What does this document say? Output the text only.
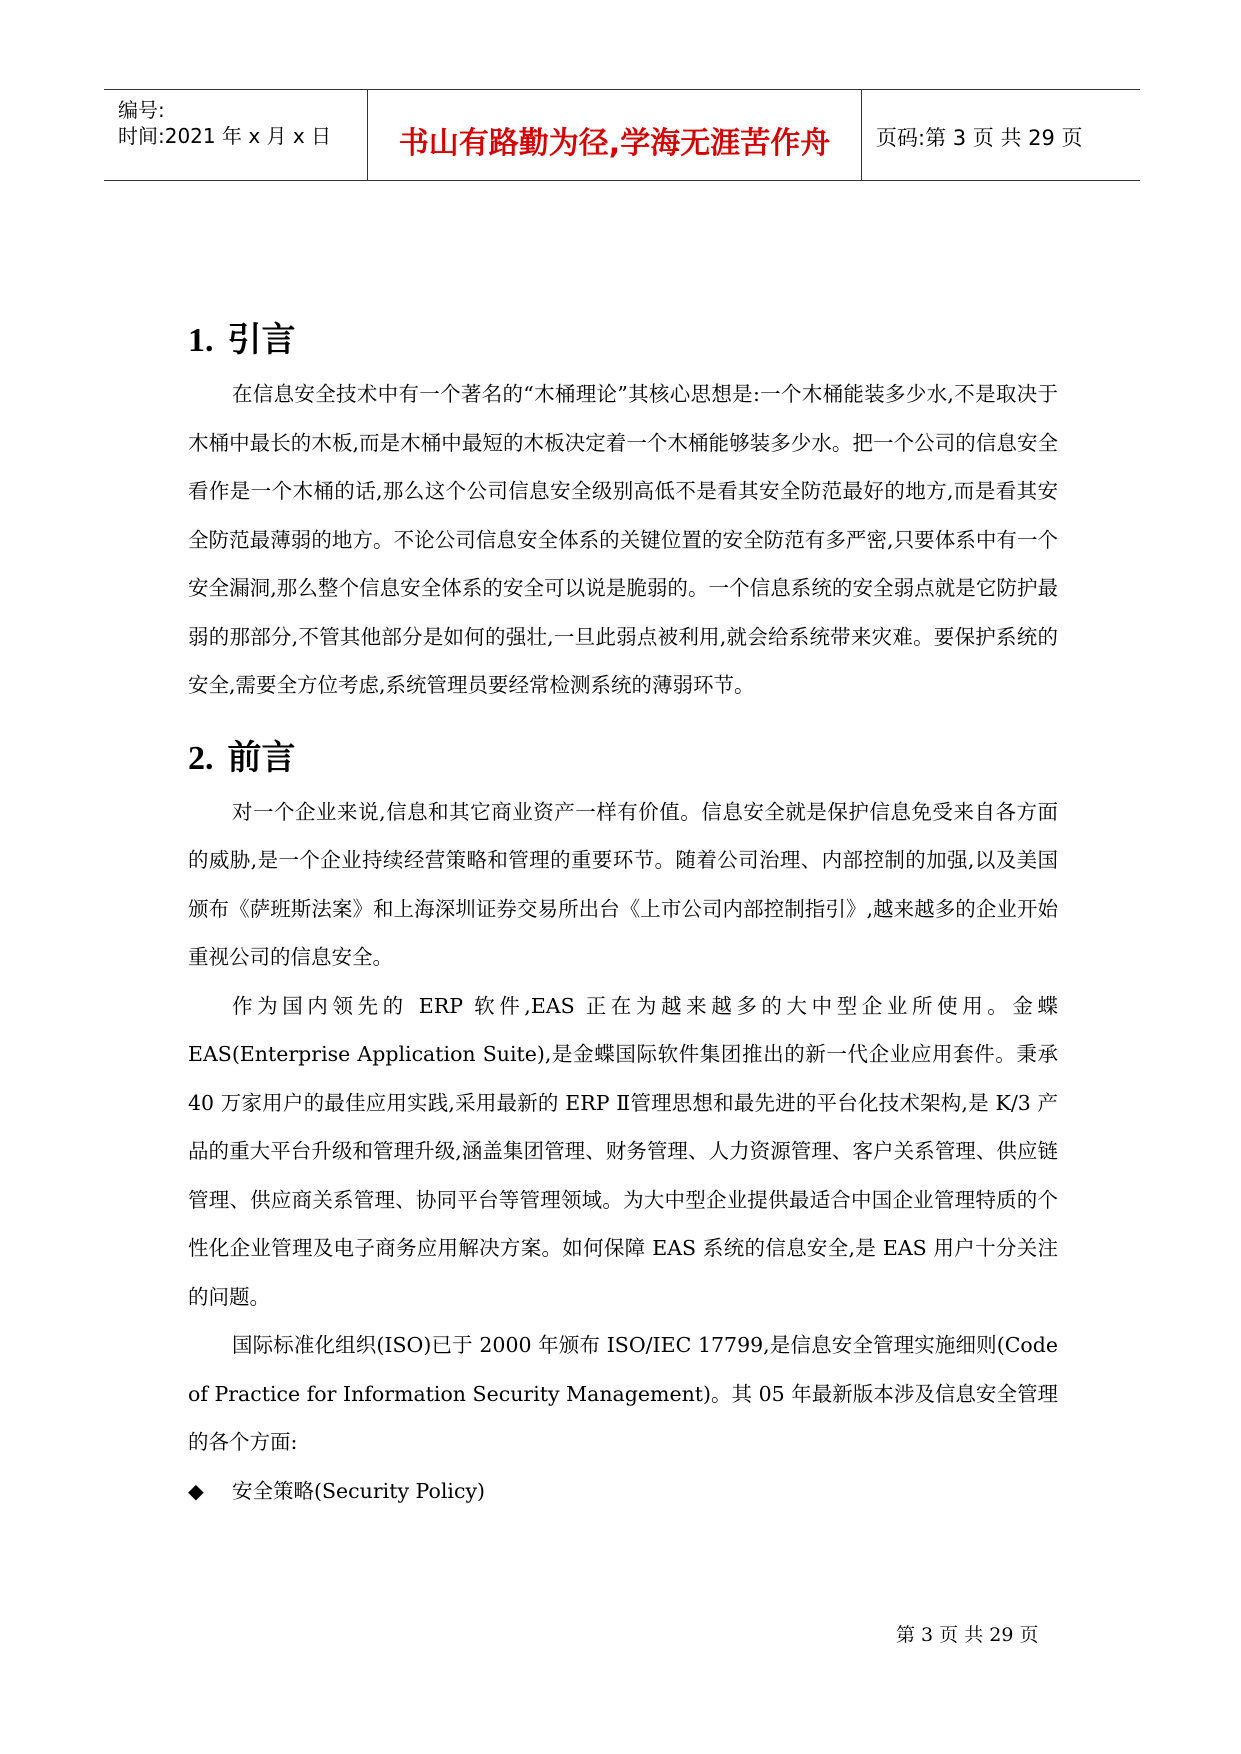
编号:
时间:2021 年 x 月 x 日	书山有路勤为径,学海无涯苦作舟	页码:第 3 页 共 29 页
1. 引言

在信息安全技术中有一个著名的“木桶理论”其核心思想是:一个木桶能装多少水,不是取决于木桶中最长的木板,而是木桶中最短的木板决定着一个木桶能够装多少水。把一个公司的信息安全看作是一个木桶的话,那么这个公司信息安全级别高低不是看其安全防范最好的地方,而是看其安全防范最薄弱的地方。不论公司信息安全体系的关键位置的安全防范有多严密,只要体系中有一个安全漏洞,那么整个信息安全体系的安全可以说是脆弱的。一个信息系统的安全弱点就是它防护最弱的那部分,不管其他部分是如何的强壮,一旦此弱点被利用,就会给系统带来灾难。要保护系统的安全,需要全方位考虑,系统管理员要经常检测系统的薄弱环节。

2. 前言

对一个企业来说,信息和其它商业资产一样有价值。信息安全就是保护信息免受来自各方面的威胁,是一个企业持续经营策略和管理的重要环节。随着公司治理、内部控制的加强,以及美国颁布《萨班斯法案》和上海深圳证券交易所出台《上市公司内部控制指引》,越来越多的企业开始重视公司的信息安全。

作为国内领先的 ERP 软件,EAS 正在为越来越多的大中型企业所使用。金蝶 EAS(Enterprise Application Suite),是金蝶国际软件集团推出的新一代企业应用套件。秉承 40 万家用户的最佳应用实践,采用最新的 ERP Ⅱ管理思想和最先进的平台化技术架构,是 K/3 产品的重大平台升级和管理升级,涵盖集团管理、财务管理、人力资源管理、客户关系管理、供应链管理、供应商关系管理、协同平台等管理领域。为大中型企业提供最适合中国企业管理特质的个性化企业管理及电子商务应用解决方案。如何保障 EAS 系统的信息安全,是 EAS 用户十分关注的问题。

国际标准化组织(ISO)已于 2000 年颁布 ISO/IEC 17799,是信息安全管理实施细则(Code of Practice for Information Security Management)。其 05 年最新版本涉及信息安全管理的各个方面:

◆ 安全策略(Security Policy)
第 3 页 共 29 页
